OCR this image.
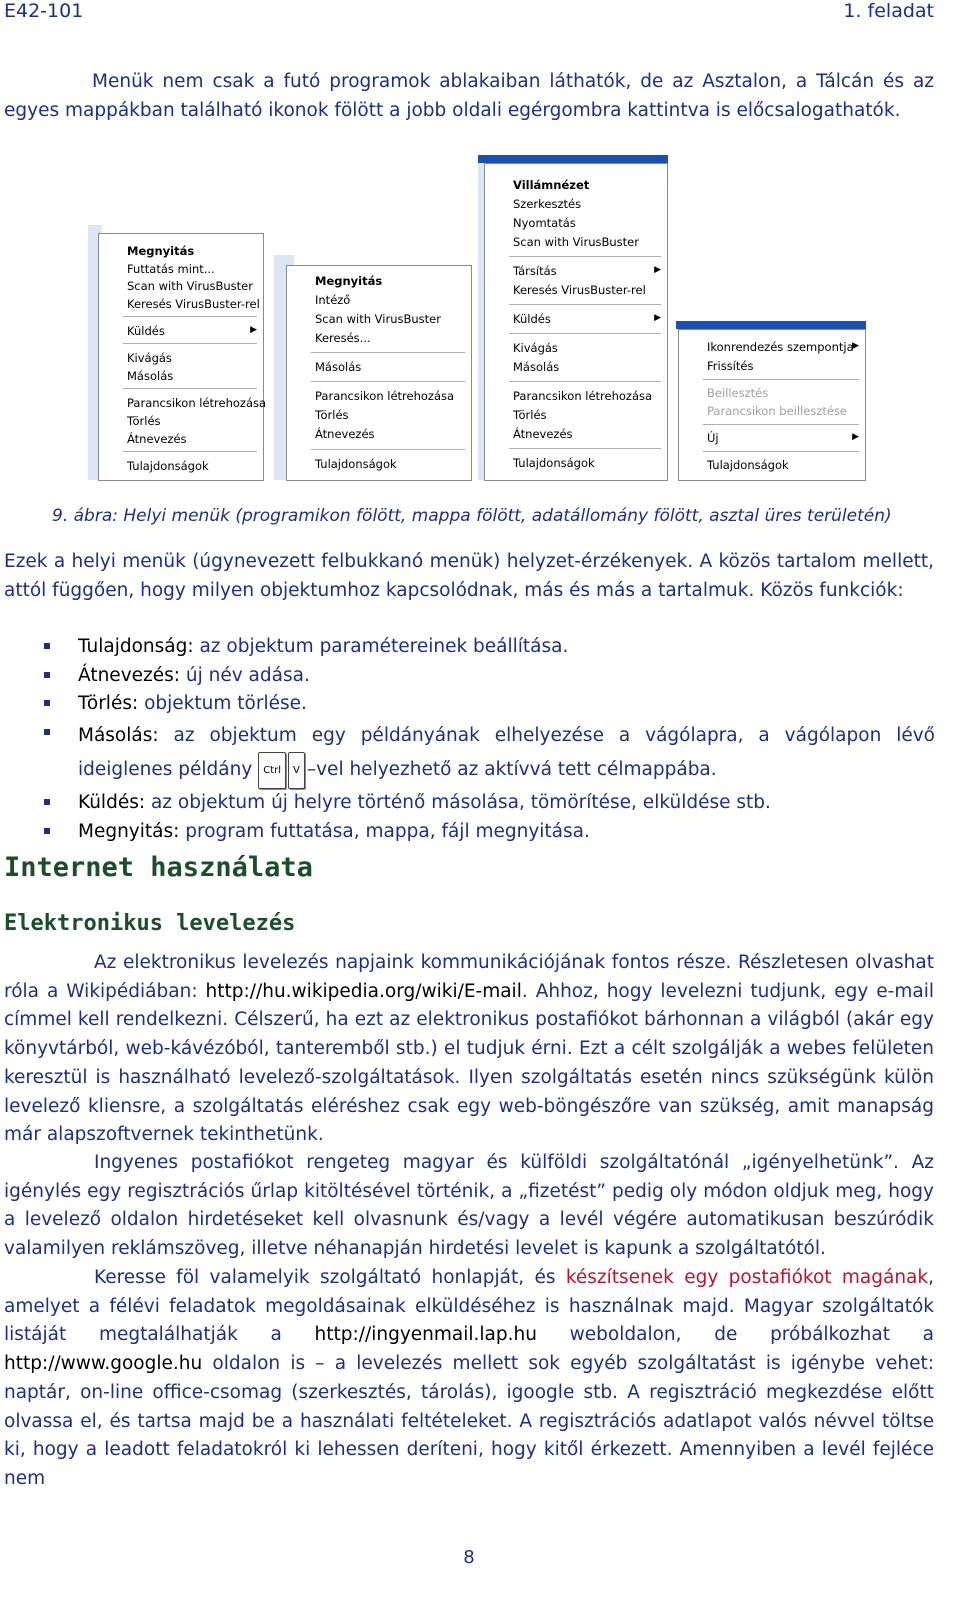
E42-101	1. feladat
Menük nem csak a futó programok ablakaiban láthatók, de az Asztalon, a Tálcán és az egyes mappákban található ikonok fölött a jobb oldali egérgombra kattintva is előcsalogathatók.
Megnyitás
Futtatás mint...
Scan with VirusBuster
Keresés VirusBuster-rel
Küldés	▶
Kivágás
Másolás
Parancsikon létrehozása
Törlés
Átnevezés
Tulajdonságok
Megnyitás
Intéző
Scan with VirusBuster
Keresés...
Másolás
Parancsikon létrehozása
Törlés
Átnevezés
Tulajdonságok
Villámnézet
Szerkesztés
Nyomtatás
Scan with VirusBuster
Társítás	▶
Keresés VirusBuster-rel
Küldés	▶
Kivágás
Másolás
Parancsikon létrehozása
Törlés
Átnevezés
Tulajdonságok
Ikonrendezés szempontja
▶
Frissítés
Beillesztés
Parancsikon beillesztése
Új	▶
Tulajdonságok
9. ábra: Helyi menük (programikon fölött, mappa fölött, adatállomány fölött, asztal üres területén)
Ezek a helyi menük (úgynevezett felbukkanó menük) helyzet-érzékenyek. A közös tartalom mellett, attól függően, hogy milyen objektumhoz kapcsolódnak, más és más a tartalmuk. Közös funkciók:
Tulajdonság: az objektum paramétereinek beállítása.
Átnevezés: új név adása.
Törlés: objektum törlése.
Másolás: az objektum egy példányának elhelyezése a vágólapra, a vágólapon lévő ideiglenes példány Ctrl V –vel helyezhető az aktívvá tett célmappába.
Küldés: az objektum új helyre történő másolása, tömörítése, elküldése stb.
Megnyitás: program futtatása, mappa, fájl megnyitása.
Internet használata
Elektronikus levelezés
Az elektronikus levelezés napjaink kommunikációjának fontos része. Részletesen olvashat róla a Wikipédiában: http://hu.wikipedia.org/wiki/E-mail. Ahhoz, hogy levelezni tudjunk, egy e-mail címmel kell rendelkezni. Célszerű, ha ezt az elektronikus postafiókot bárhonnan a világból (akár egy könyvtárból, web-kávézóból, tanteremből stb.) el tudjuk érni. Ezt a célt szolgálják a webes felületen keresztül is használható levelező-szolgáltatások. Ilyen szolgáltatás esetén nincs szükségünk külön levelező kliensre, a szolgáltatás eléréshez csak egy web-böngészőre van szükség, amit manapság már alapszoftvernek tekinthetünk.
Ingyenes postafiókot rengeteg magyar és külföldi szolgáltatónál „igényelhetünk”. Az igénylés egy regisztrációs űrlap kitöltésével történik, a „fizetést” pedig oly módon oldjuk meg, hogy a levelező oldalon hirdetéseket kell olvasnunk és/vagy a levél végére automatikusan beszúródik valamilyen reklámszöveg, illetve néhanapján hirdetési levelet is kapunk a szolgáltatótól.
Keresse föl valamelyik szolgáltató honlapját, és készítsenek egy postafiókot magának, amelyet a félévi feladatok megoldásainak elküldéséhez is használnak majd. Magyar szolgáltatók listáját megtalálhatják a http://ingyenmail.lap.hu weboldalon, de próbálkozhat a http://www.google.hu oldalon is – a levelezés mellett sok egyéb szolgáltatást is igénybe vehet: naptár, on-line office-csomag (szerkesztés, tárolás), igoogle stb. A regisztráció megkezdése előtt olvassa el, és tartsa majd be a használati feltételeket. A regisztrációs adatlapot valós névvel töltse ki, hogy a leadott feladatokról ki lehessen deríteni, hogy kitől érkezett. Amennyiben a levél fejléce nem
8
